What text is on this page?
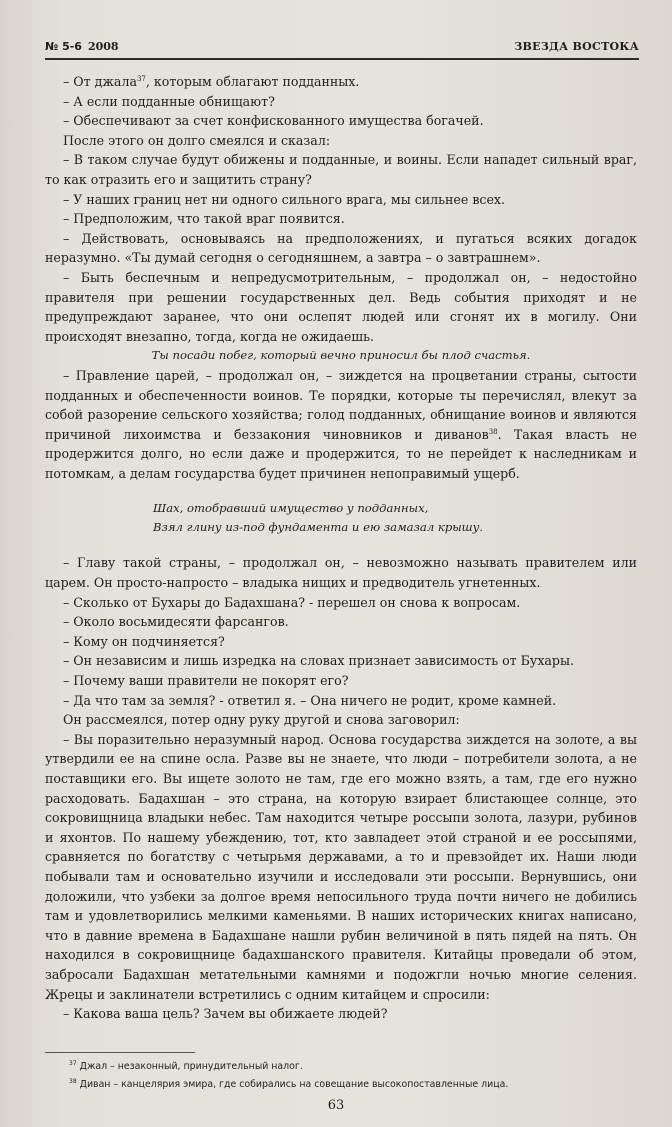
№ 5-6 2008	ЗВЕЗДА ВОСТОКА

– От джала$^{37}$, которым облагают подданных.

– А если подданные обнищают?

– Обеспечивают за счет конфискованного имущества богачей.

После этого он долго смеялся и сказал:

– В таком случае будут обижены и подданные, и воины. Если нападет сильный враг, то как отразить его и защитить страну?

– У наших границ нет ни одного сильного врага, мы сильнее всех.

– Предположим, что такой враг появится.

– Действовать, основываясь на предположениях, и пугаться всяких догадок неразумно. «Ты думай сегодня о сегодняшнем, а завтра – о завтрашнем».

– Быть беспечным и непредусмотрительным, – продолжал он, – недостойно правителя при решении государственных дел. Ведь события приходят и не предупреждают заранее, что они ослепят людей или сгонят их в могилу. Они происходят внезапно, тогда, когда не ожидаешь.

Ты посади побег, который вечно приносил бы плод счастья.

– Правление царей, – продолжал он, – зиждется на процветании страны, сытости подданных и обеспеченности воинов. Те порядки, которые ты перечислял, влекут за собой разорение сельского хозяйства; голод подданных, обнищание воинов и являются причиной лихоимства и беззакония чиновников и диванов$^{38}$. Такая власть не продержится долго, но если даже и продержится, то не перейдет к наследникам и потомкам, а делам государства будет причинен непоправимый ущерб.

Шах, отобравший имущество у подданных,
Взял глину из-под фундамента и ею замазал крышу.

– Главу такой страны, – продолжал он, – невозможно называть правителем или царем. Он просто-напросто – владыка нищих и предводитель угнетенных.

– Сколько от Бухары до Бадахшана? - перешел он снова к вопросам.

– Около восьмидесяти фарсангов.

– Кому он подчиняется?

– Он независим и лишь изредка на словах признает зависимость от Бухары.

– Почему ваши правители не покорят его?

– Да что там за земля? - ответил я. – Она ничего не родит, кроме камней.

Он рассмеялся, потер одну руку другой и снова заговорил:

– Вы поразительно неразумный народ. Основа государства зиждется на золоте, а вы утвердили ее на спине осла. Разве вы не знаете, что люди – потребители золота, а не поставщики его. Вы ищете золото не там, где его можно взять, а там, где его нужно расходовать. Бадахшан – это страна, на которую взирает блистающее солнце, это сокровищница владыки небес. Там находится четыре россыпи золота, лазури, рубинов и яхонтов. По нашему убеждению, тот, кто завладеет этой страной и ее россыпями, сравняется по богатству с четырьмя державами, а то и превзойдет их. Наши люди побывали там и основательно изучили и исследовали эти россыпи. Вернувшись, они доложили, что узбеки за долгое время непосильного труда почти ничего не добились там и удовлетворились мелкими каменьями. В наших исторических книгах написано, что в давние времена в Бадахшане нашли рубин величиной в пять пядей на пять. Он находился в сокровищнице бадахшанского правителя. Китайцы проведали об этом, забросали Бадахшан метательными камнями и подожгли ночью многие селения. Жрецы и заклинатели встретились с одним китайцем и спросили:

– Какова ваша цель? Зачем вы обижаете людей?

$^{37}$ Джал – незаконный, принудительный налог.

$^{38}$ Диван – канцелярия эмира, где собирались на совещание высокопоставленные лица.

63
